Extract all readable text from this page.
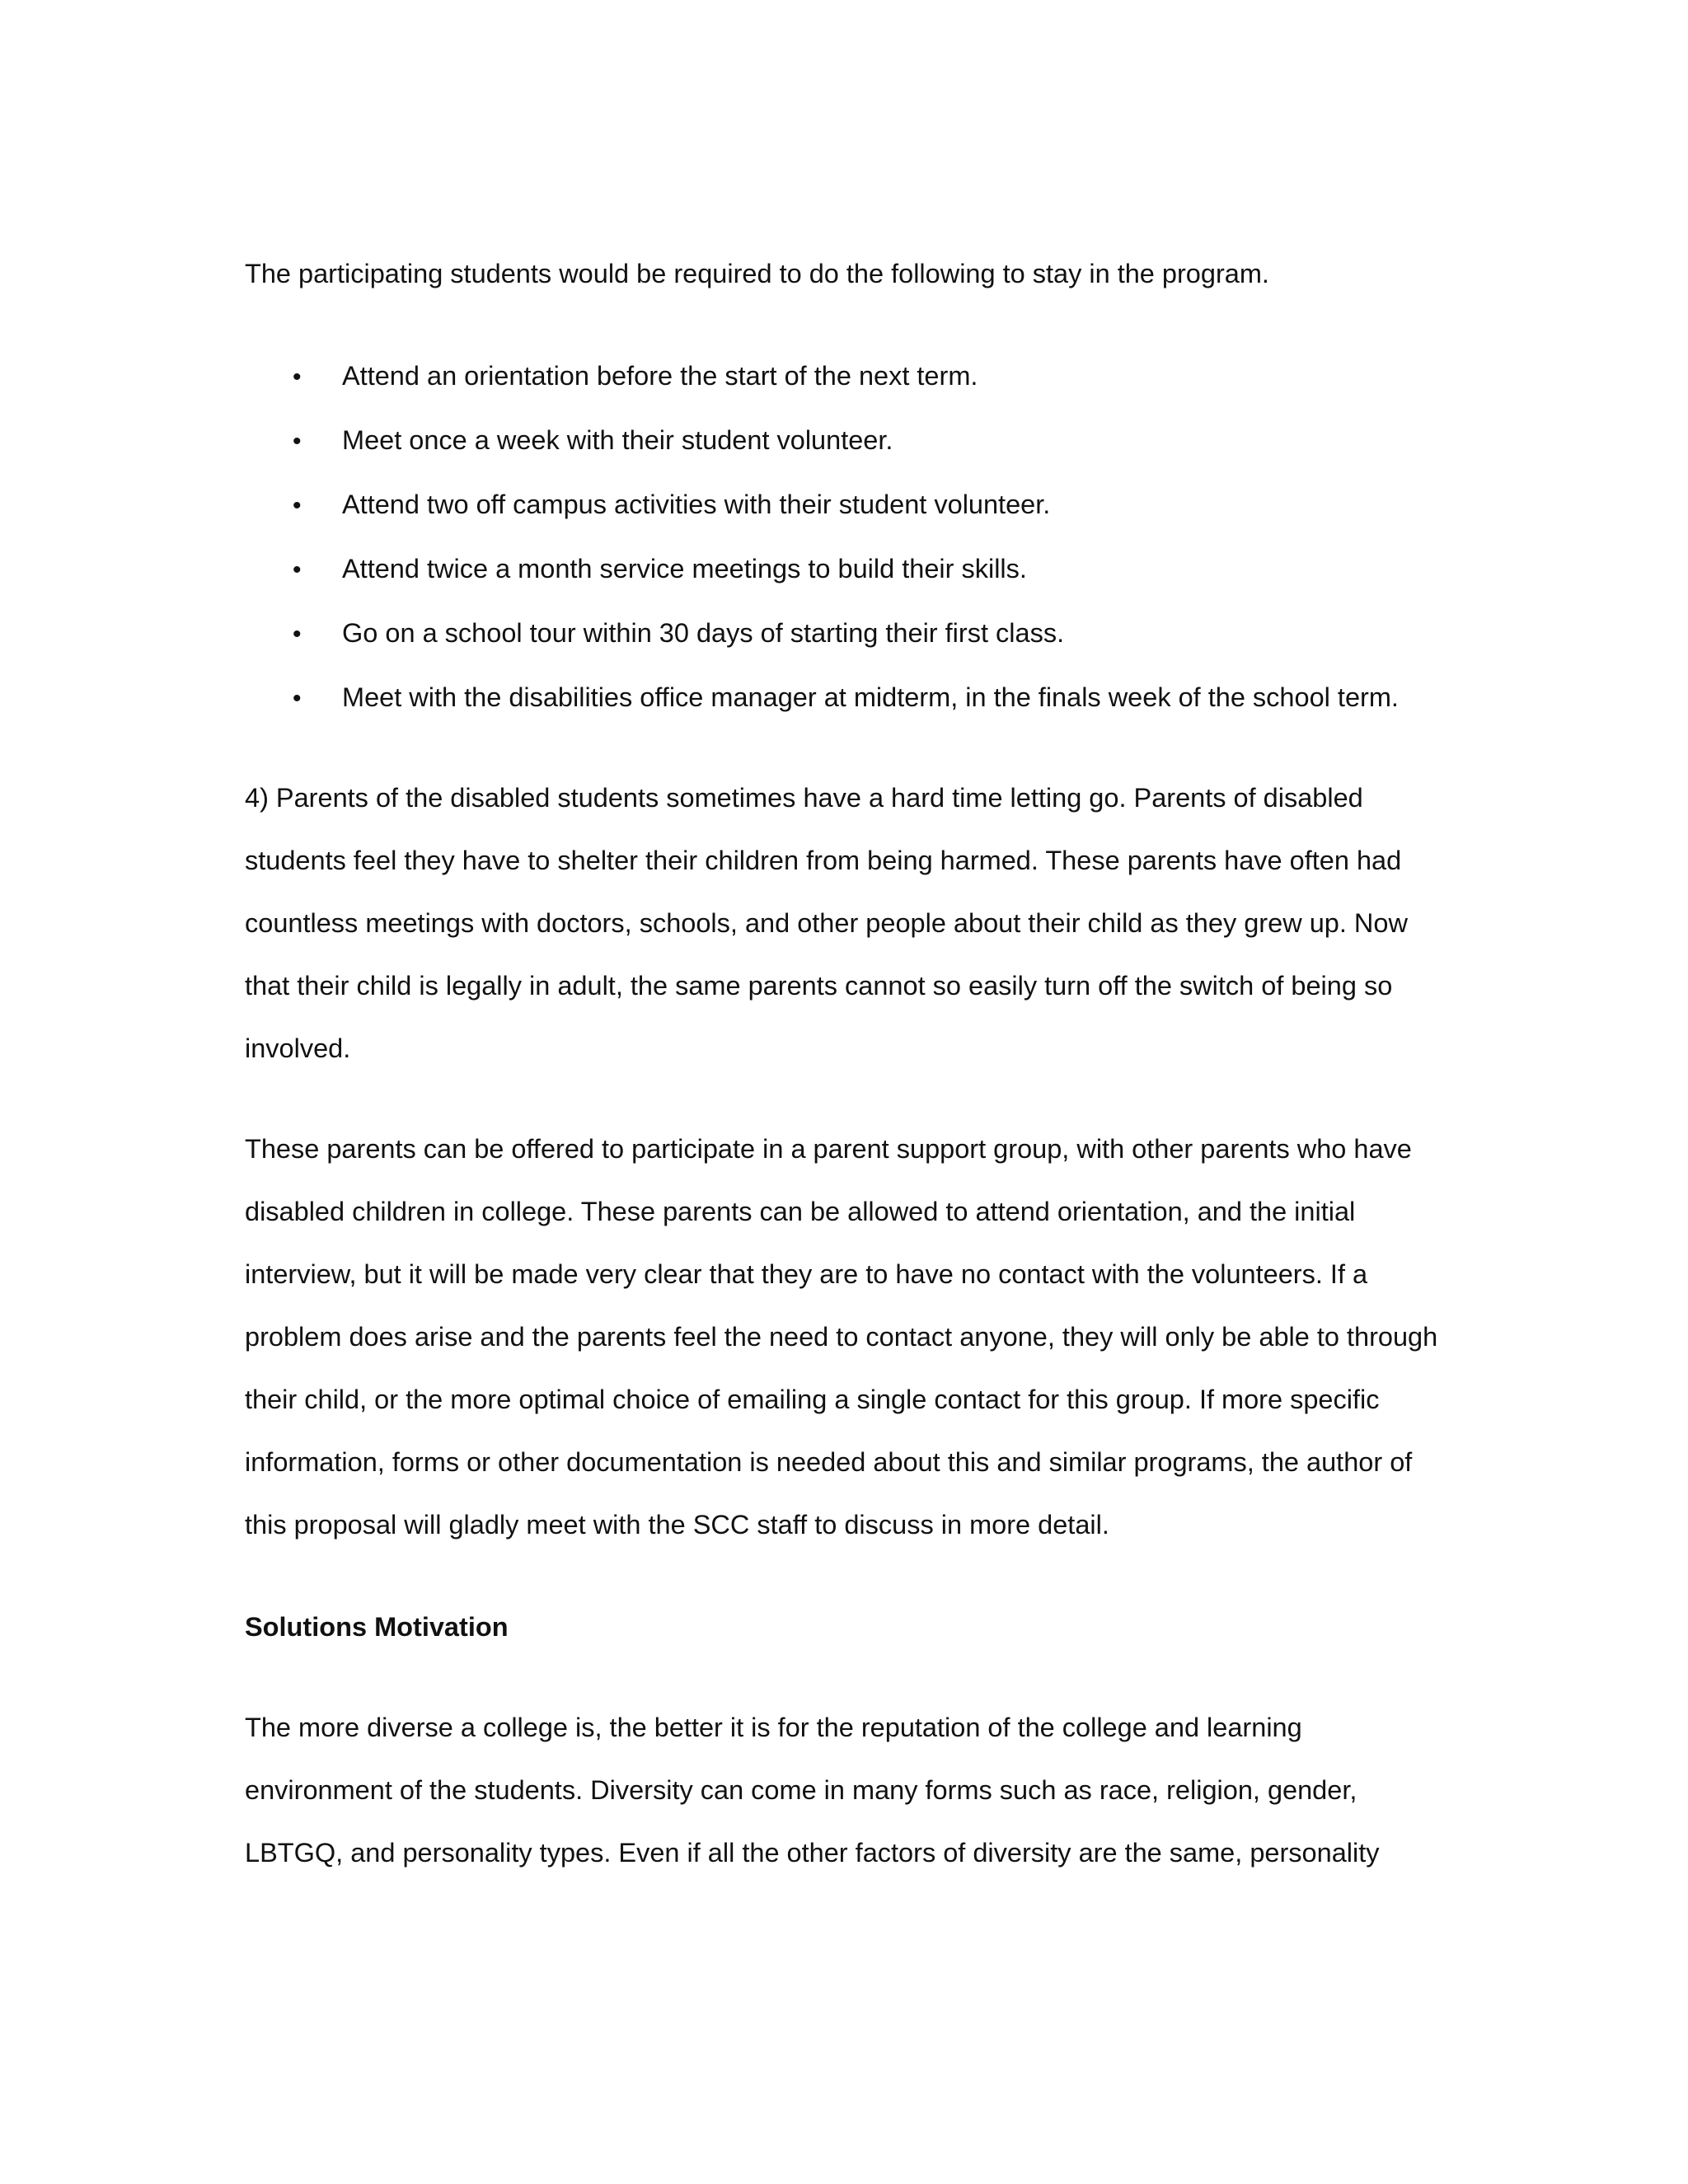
The participating students would be required to do the following to stay in the program.
• Attend an orientation before the start of the next term.
• Meet once a week with their student volunteer.
• Attend two off campus activities with their student volunteer.
• Attend twice a month service meetings to build their skills.
• Go on a school tour within 30 days of starting their first class.
• Meet with the disabilities office manager at midterm, in the finals week of the school term.
4) Parents of the disabled students sometimes have a hard time letting go. Parents of disabled
students feel they have to shelter their children from being harmed. These parents have often had
countless meetings with doctors, schools, and other people about their child as they grew up. Now
that their child is legally in adult, the same parents cannot so easily turn off the switch of being so
involved.
These parents can be offered to participate in a parent support group, with other parents who have
disabled children in college. These parents can be allowed to attend orientation, and the initial
interview, but it will be made very clear that they are to have no contact with the volunteers. If a
problem does arise and the parents feel the need to contact anyone, they will only be able to through
their child, or the more optimal choice of emailing a single contact for this group. If more specific
information, forms or other documentation is needed about this and similar programs, the author of
this proposal will gladly meet with the SCC staff to discuss in more detail.
Solutions Motivation
The more diverse a college is, the better it is for the reputation of the college and learning
environment of the students. Diversity can come in many forms such as race, religion, gender,
LBTGQ, and personality types. Even if all the other factors of diversity are the same, personality
